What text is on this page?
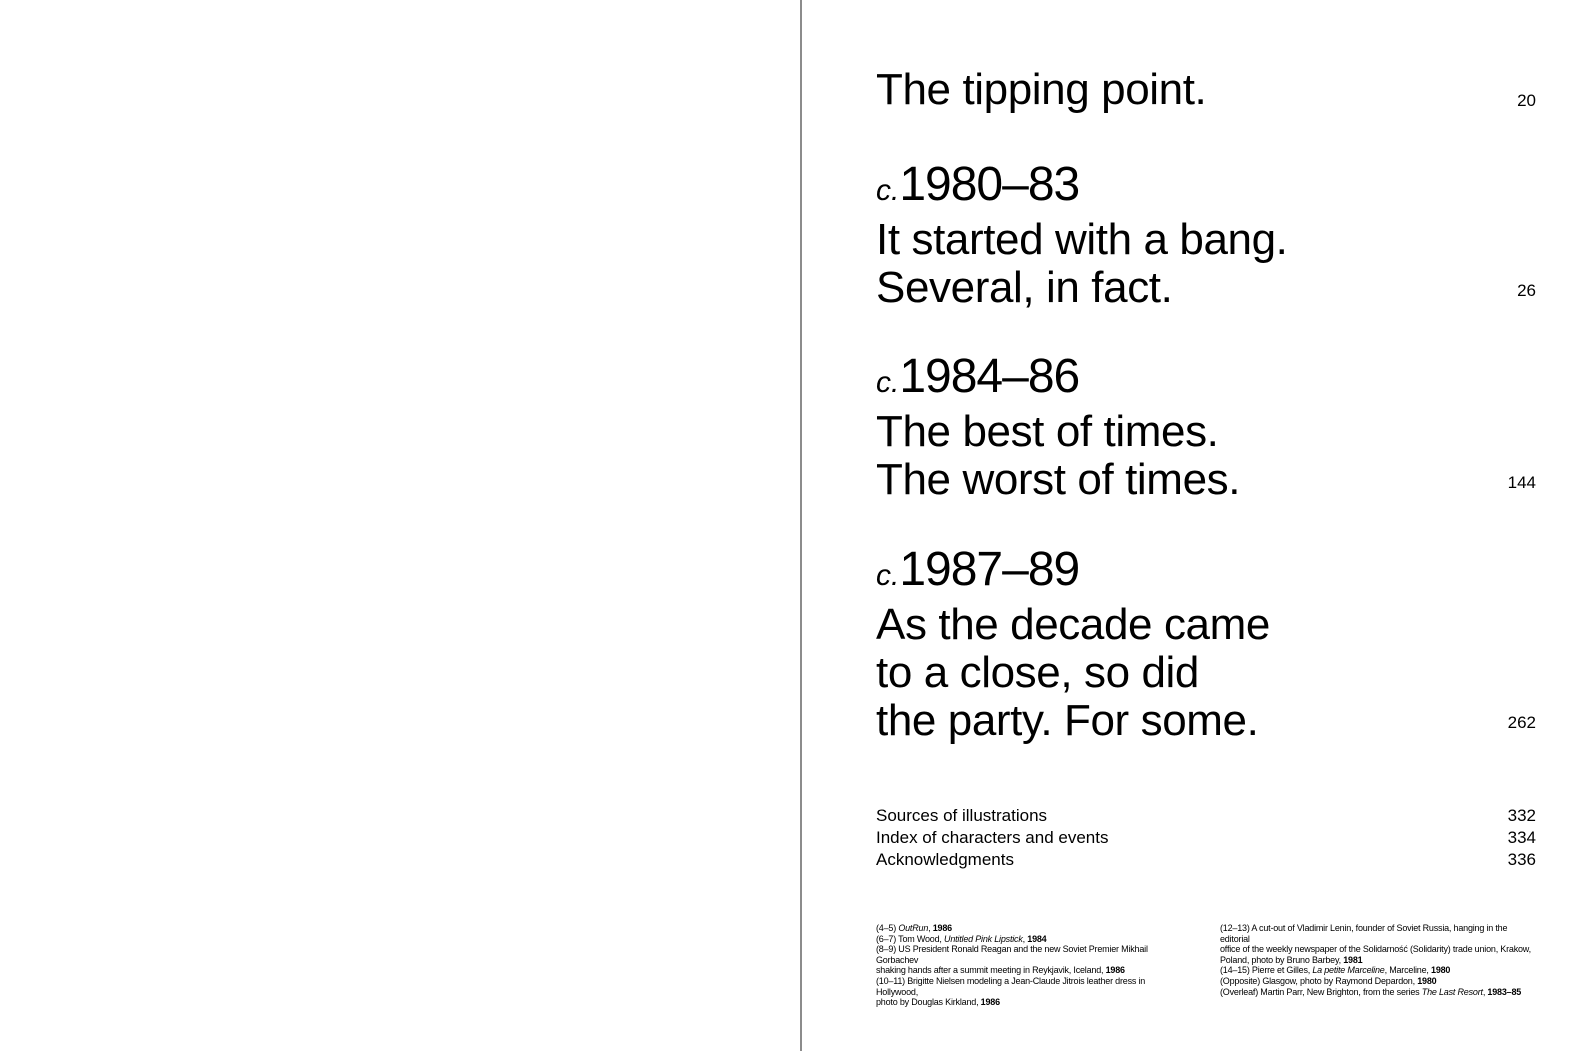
The tipping point.	20
c.1980–83
It started with a bang.
Several, in fact.	26
c.1984–86
The best of times.
The worst of times.	144
c.1987–89
As the decade came
to a close, so did
the party. For some.	262
Sources of illustrations	332
Index of characters and events	334
Acknowledgments	336
(4–5) OutRun, 1986
(6–7) Tom Wood, Untitled Pink Lipstick, 1984
(8–9) US President Ronald Reagan and the new Soviet Premier Mikhail Gorbachev
shaking hands after a summit meeting in Reykjavik, Iceland, 1986
(10–11) Brigitte Nielsen modeling a Jean-Claude Jitrois leather dress in Hollywood,
photo by Douglas Kirkland, 1986
(12–13) A cut-out of Vladimir Lenin, founder of Soviet Russia, hanging in the editorial
office of the weekly newspaper of the Solidarność (Solidarity) trade union, Krakow,
Poland, photo by Bruno Barbey, 1981
(14–15) Pierre et Gilles, La petite Marceline, Marceline, 1980
(Opposite) Glasgow, photo by Raymond Depardon, 1980
(Overleaf) Martin Parr, New Brighton, from the series The Last Resort, 1983–85
